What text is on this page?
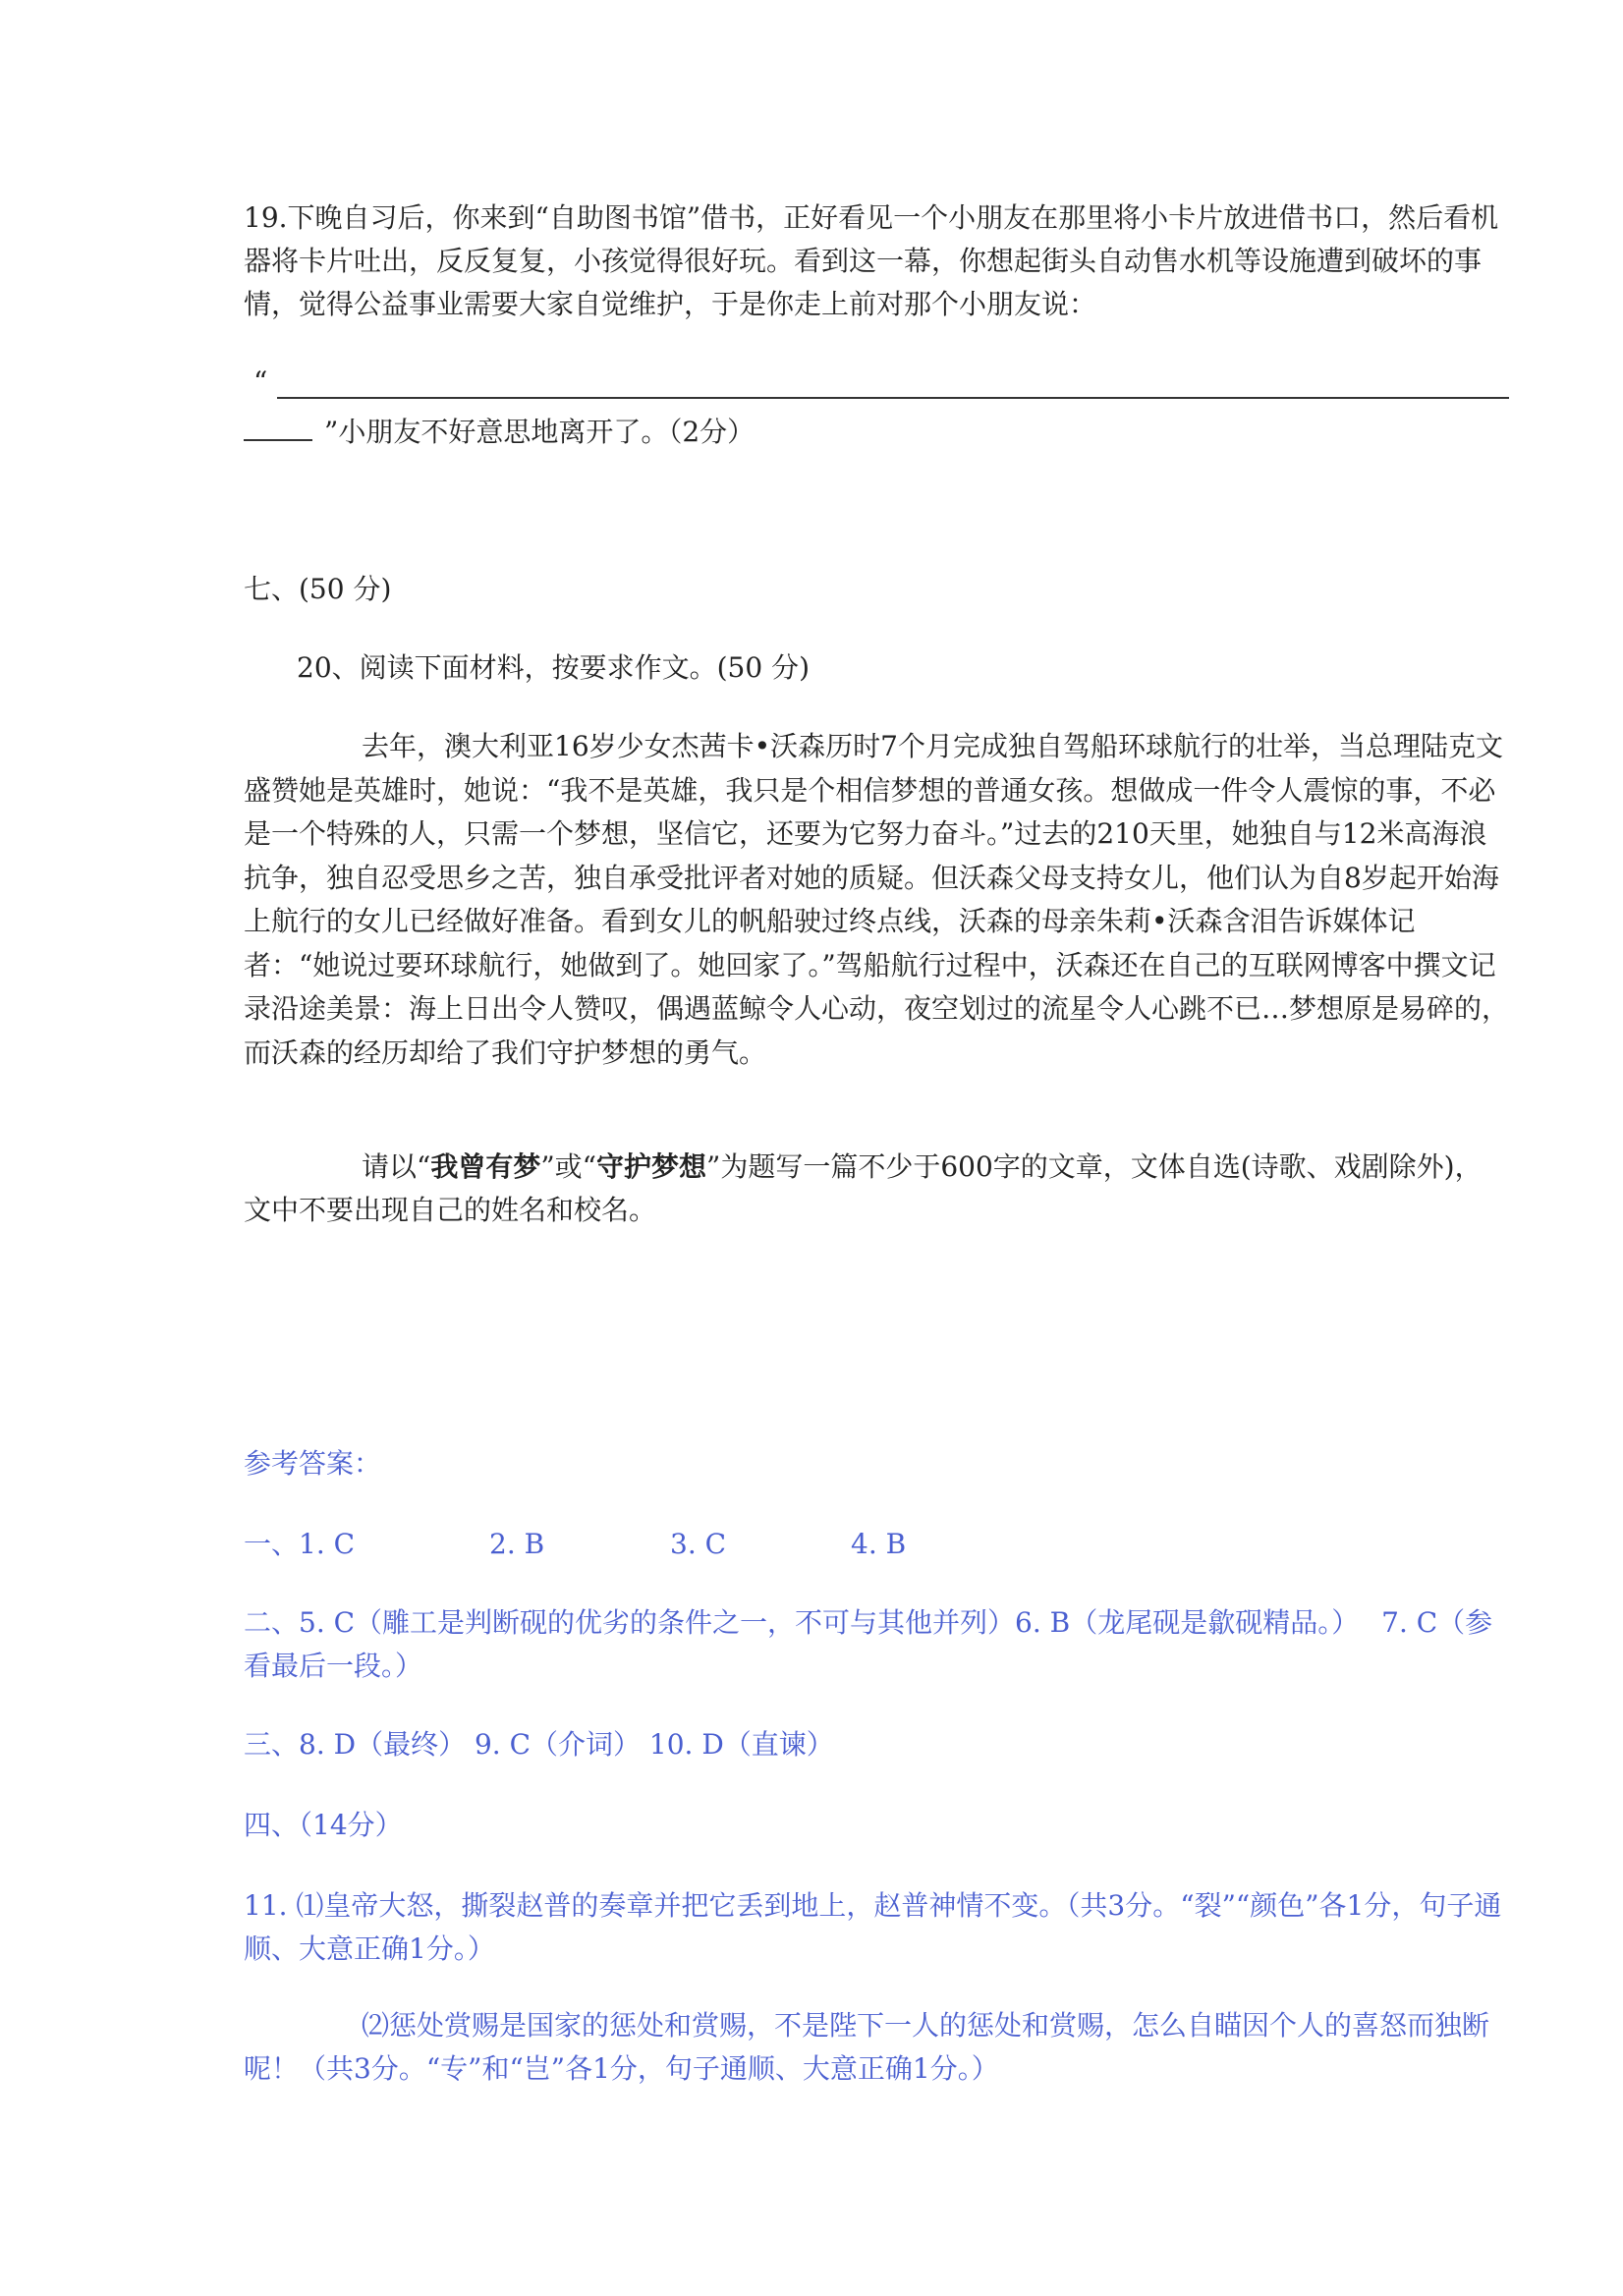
19.下晚自习后，你来到“自助图书馆”借书，正好看见一个小朋友在那里将小卡片放进借书口，然后看机器将卡片吐出，反反复复，小孩觉得很好玩。看到这一幕，你想起街头自动售水机等设施遭到破坏的事情，觉得公益事业需要大家自觉维护，于是你走上前对那个小朋友说：

“

”小朋友不好意思地离开了。（2分）

七、(50 分)

20、阅读下面材料，按要求作文。(50 分)

去年，澳大利亚16岁少女杰茜卡•沃森历时7个月完成独自驾船环球航行的壮举，当总理陆克文盛赞她是英雄时，她说：“我不是英雄，我只是个相信梦想的普通女孩。想做成一件令人震惊的事，不必是一个特殊的人，只需一个梦想，坚信它，还要为它努力奋斗。”过去的210天里，她独自与12米高海浪抗争，独自忍受思乡之苦，独自承受批评者对她的质疑。但沃森父母支持女儿，他们认为自8岁起开始海上航行的女儿已经做好准备。看到女儿的帆船驶过终点线，沃森的母亲朱莉•沃森含泪告诉媒体记者：“她说过要环球航行，她做到了。她回家了。”驾船航行过程中，沃森还在自己的互联网博客中撰文记录沿途美景：海上日出令人赞叹，偶遇蓝鲸令人心动，夜空划过的流星令人心跳不已…梦想原是易碎的，而沃森的经历却给了我们守护梦想的勇气。

请以“我曾有梦”或“守护梦想”为题写一篇不少于600字的文章，文体自选(诗歌、戏剧除外)，文中不要出现自己的姓名和校名。

参考答案：

一、1. C	2. B	3. C	4. B

二、5. C（雕工是判断砚的优劣的条件之一，不可与其他并列）6. B（龙尾砚是歙砚精品。）　 7. C（参看最后一段。）

三、8. D（最终） 9. C（介词） 10. D（直谏）

四、（14分）

11. ⑴皇帝大怒，撕裂赵普的奏章并把它丢到地上，赵普神情不变。（共3分。“裂”“颜色”各1分，句子通顺、大意正确1分。）

⑵惩处赏赐是国家的惩处和赏赐，不是陛下一人的惩处和赏赐，怎么自瞄因个人的喜怒而独断呢！（共3分。“专”和“岂”各1分，句子通顺、大意正确1分。）
